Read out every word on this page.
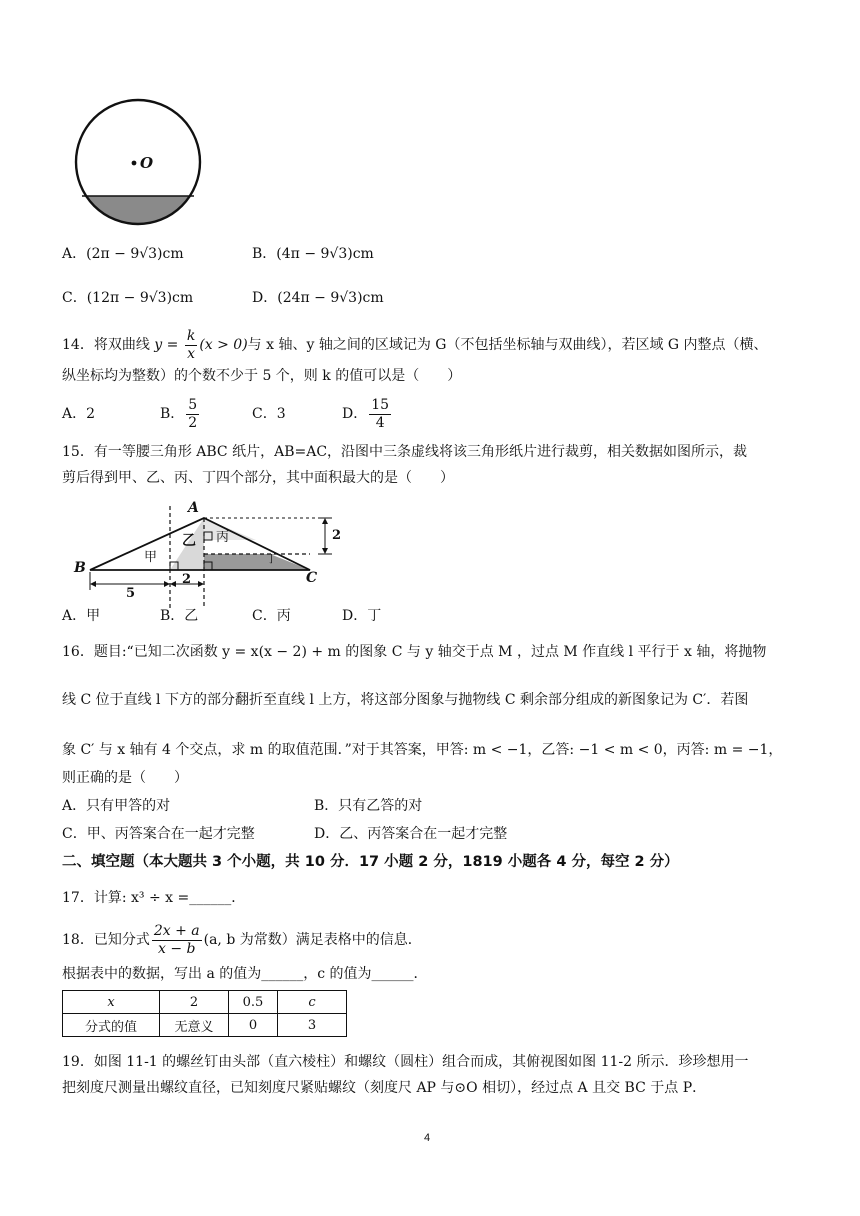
O
A．(2π − 9√3)cm	B．(4π − 9√3)cm
C．(12π − 9√3)cm	D．(24π − 9√3)cm
14．将双曲线 $y = \frac{k}{x} (x > 0)$与 x 轴、y 轴之间的区域记为 G（不包括坐标轴与双曲线），若区域 G 内整点（横、
纵坐标均为整数）的个数不少于 5 个，则 k 的值可以是（　　）
A．2	B． $\frac{5}{2}$	C．3	D． $\frac{15}{4}$
15．有一等腰三角形 ABC 纸片，AB=AC，沿图中三条虚线将该三角形纸片进行裁剪，相关数据如图所示，裁
剪后得到甲、乙、丙、丁四个部分，其中面积最大的是（　　）
A
B
C
甲
乙 丙
丁
5
2
2
A．甲	B．乙	C．丙	D．丁
16．题目:“已知二次函数 y = x(x − 2) + m 的图象 C 与 y 轴交于点 M ，过点 M 作直线 l 平行于 x 轴，将抛物
线 C 位于直线 l 下方的部分翻折至直线 l 上方，将这部分图象与抛物线 C 剩余部分组成的新图象记为 C′．若图
象 C′ 与 x 轴有 4 个交点，求 m 的取值范围．”对于其答案，甲答: m < −1，乙答: −1 < m < 0，丙答: m = −1，
则正确的是（　　）
A．只有甲答的对	B．只有乙答的对
C．甲、丙答案合在一起才完整	D．乙、丙答案合在一起才完整
二、填空题（本大题共 3 个小题，共 10 分．17 小题 2 分，1819 小题各 4 分，每空 2 分）
17．计算: x³ ÷ x =______．
18．已知分式 $\frac{2x + a}{x - b} (a$, b 为常数）满足表格中的信息．
根据表中的数据，写出 a 的值为______，c 的值为______．
x	2	0.5	c
分式的值	无意义	0	3
19．如图 11-1 的螺丝钉由头部（直六棱柱）和螺纹（圆柱）组合而成，其俯视图如图 11-2 所示．珍珍想用一
把刻度尺测量出螺纹直径，已知刻度尺紧贴螺纹（刻度尺 AP 与⊙O 相切），经过点 A 且交 BC 于点 P．
4
